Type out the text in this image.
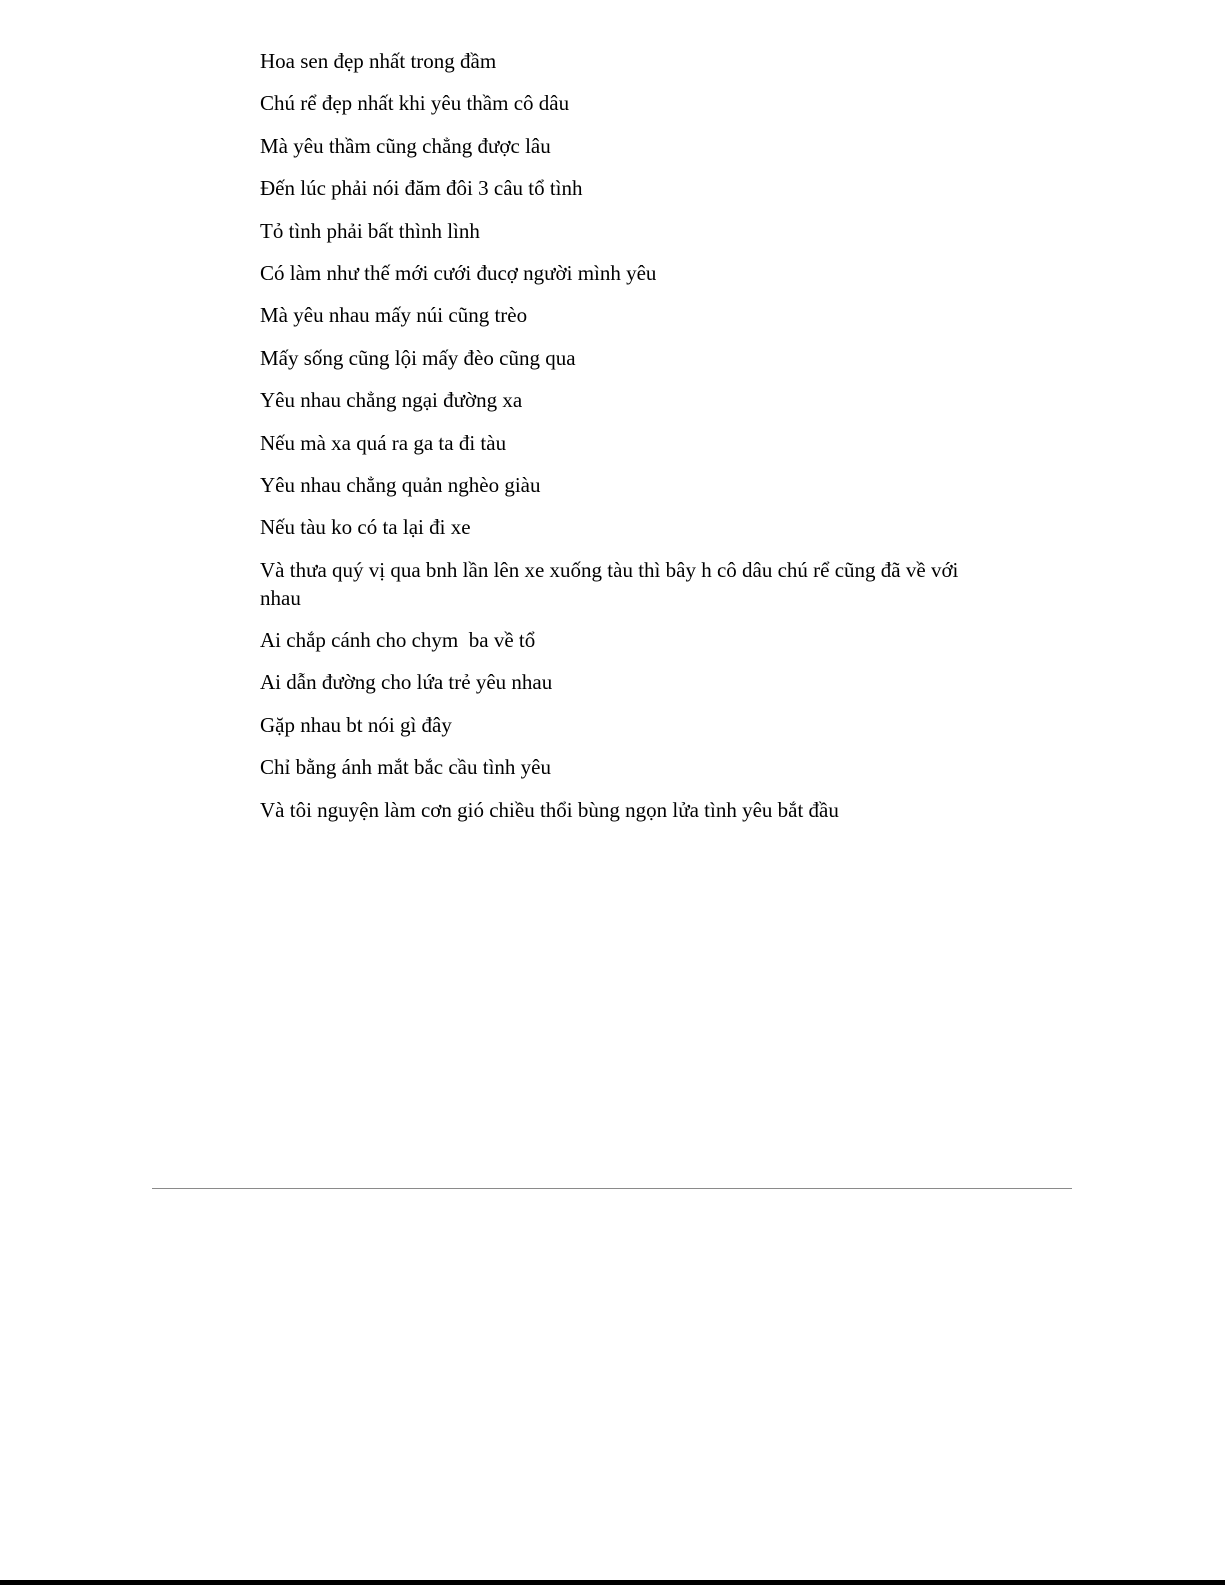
Hoa sen đẹp nhất trong đầm

Chú rể đẹp nhất khi yêu thầm cô dâu

Mà yêu thầm cũng chẳng được lâu

Đến lúc phải nói đăm đôi 3 câu tổ tình

Tỏ tình phải bất thình lình

Có làm như thế mới cưới đucợ người mình yêu

Mà yêu nhau mấy núi cũng trèo

Mấy sống cũng lội mấy đèo cũng qua

Yêu nhau chẳng ngại đường xa

Nếu mà xa quá ra ga ta đi tàu

Yêu nhau chẳng quản nghèo giàu

Nếu tàu ko có ta lại đi xe

Và thưa quý vị qua bnh lần lên xe xuống tàu thì bây h cô dâu chú rể cũng đã về với nhau

Ai chắp cánh cho chym  ba về tổ

Ai dẫn đường cho lứa trẻ yêu nhau

Gặp nhau bt nói gì đây

Chỉ bằng ánh mắt bắc cầu tình yêu

Và tôi nguyện làm cơn gió chiều thổi bùng ngọn lửa tình yêu bắt đầu
